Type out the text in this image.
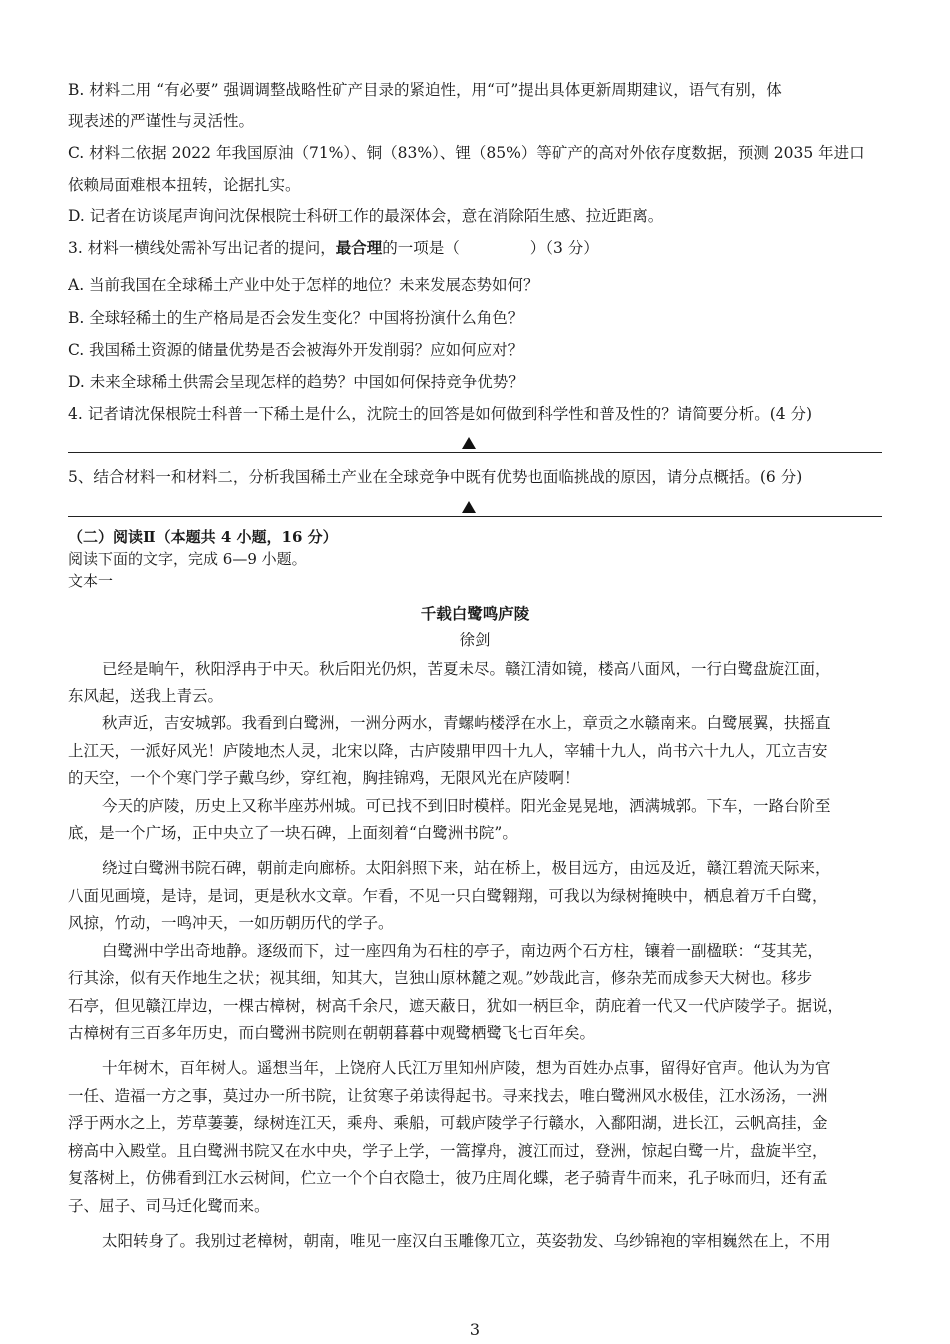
B. 材料二用 “有必要” 强调调整战略性矿产目录的紧迫性，用“可”提出具体更新周期建议，语气有别，体
现表述的严谨性与灵活性。
C. 材料二依据 2022 年我国原油（71%）、铜（83%）、锂（85%）等矿产的高对外依存度数据，预测 2035 年进口
依赖局面难根本扭转，论据扎实。
D. 记者在访谈尾声询问沈保根院士科研工作的最深体会，意在消除陌生感、拉近距离。
3. 材料一横线处需补写出记者的提问，最合理的一项是（	）（3 分）
A. 当前我国在全球稀土产业中处于怎样的地位？未来发展态势如何？
B. 全球轻稀土的生产格局是否会发生变化？中国将扮演什么角色？
C. 我国稀土资源的储量优势是否会被海外开发削弱？应如何应对？
D. 未来全球稀土供需会呈现怎样的趋势？中国如何保持竞争优势？
4. 记者请沈保根院士科普一下稀土是什么，沈院士的回答是如何做到科学性和普及性的？请简要分析。(4 分)
5、结合材料一和材料二，分析我国稀土产业在全球竞争中既有优势也面临挑战的原因，请分点概括。(6 分)
（二）阅读Ⅱ（本题共 4 小题，16 分）
阅读下面的文字，完成 6—9 小题。
文本一
千载白鹭鸣庐陵
徐剑
已经是晌午，秋阳浮冉于中天。秋后阳光仍炽，苦夏未尽。赣江清如镜，楼高八面风，一行白鹭盘旋江面，
东风起，送我上青云。
秋声近，吉安城郭。我看到白鹭洲，一洲分两水，青螺屿楼浮在水上，章贡之水赣南来。白鹭展翼，扶摇直
上江天，一派好风光！庐陵地杰人灵，北宋以降，古庐陵鼎甲四十九人，宰辅十九人，尚书六十九人，兀立吉安
的天空，一个个寒门学子戴乌纱，穿红袍，胸挂锦鸡，无限风光在庐陵啊！
今天的庐陵，历史上又称半座苏州城。可已找不到旧时模样。阳光金晃晃地，洒满城郭。下车，一路台阶至
底，是一个广场，正中央立了一块石碑，上面刻着“白鹭洲书院”。
绕过白鹭洲书院石碑，朝前走向廊桥。太阳斜照下来，站在桥上，极目远方，由远及近，赣江碧流天际来，
八面见画境，是诗，是词，更是秋水文章。乍看，不见一只白鹭翱翔，可我以为绿树掩映中，栖息着万千白鹭，
风掠，竹动，一鸣冲天，一如历朝历代的学子。
白鹭洲中学出奇地静。逐级而下，过一座四角为石柱的亭子，南边两个石方柱，镶着一副楹联：“芟其芜，
行其涂，似有天作地生之状；视其细，知其大，岂独山原林麓之观。”妙哉此言，修杂芜而成参天大树也。移步
石亭，但见赣江岸边，一棵古樟树，树高千余尺，遮天蔽日，犹如一柄巨伞，荫庇着一代又一代庐陵学子。据说，
古樟树有三百多年历史，而白鹭洲书院则在朝朝暮暮中观鹭栖鹭飞七百年矣。
十年树木，百年树人。遥想当年，上饶府人氏江万里知州庐陵，想为百姓办点事，留得好官声。他认为为官
一任、造福一方之事，莫过办一所书院，让贫寒子弟读得起书。寻来找去，唯白鹭洲风水极佳，江水汤汤，一洲
浮于两水之上，芳草萋萋，绿树连江天，乘舟、乘船，可载庐陵学子行赣水，入鄱阳湖，进长江，云帆高挂，金
榜高中入殿堂。且白鹭洲书院又在水中央，学子上学，一篙撑舟，渡江而过，登洲，惊起白鹭一片，盘旋半空，
复落树上，仿佛看到江水云树间，伫立一个个白衣隐士，彼乃庄周化蝶，老子骑青牛而来，孔子咏而归，还有孟
子、屈子、司马迁化鹭而来。
太阳转身了。我别过老樟树，朝南，唯见一座汉白玉雕像兀立，英姿勃发、乌纱锦袍的宰相巍然在上，不用
3
